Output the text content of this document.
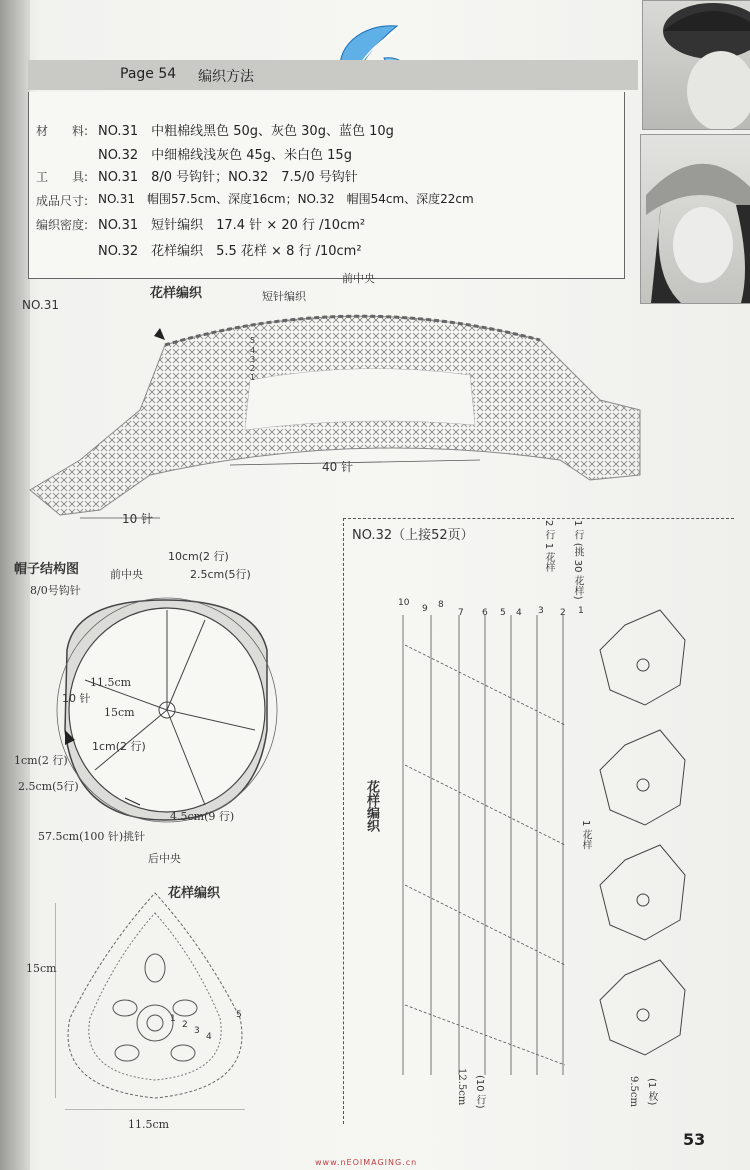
Page 54 编织方法
材　　料: NO.31　中粗棉线黑色 50g、灰色 30g、蓝色 10g
NO.32　中细棉线浅灰色 45g、米白色 15g
工　　具: NO.31　8/0 号钩针；NO.32　7.5/0 号钩针
成品尺寸: NO.31　帽围57.5cm、深度16cm；NO.32　帽围54cm、深度22cm
编织密度: NO.31　短针编织　17.4 针 × 20 行 /10cm²
NO.32　花样编织　5.5 花样 × 8 行 /10cm²
NO.31
花样编织	短针编织
前中央
40 针
10 针
5
4
3
2
1
帽子结构图
8/0号钩针
前中央
10cm(2 行)
2.5cm(5行)
11.5cm
10 针
15cm
1cm(2 行)
1cm(2 行)
2.5cm(5行)
4.5cm(9 行)
57.5cm(100 针)挑针
后中央
花样编织
15cm
11.5cm
1
2
3
4
5
NO.32（上接52页）
花样编织
10
9 8
7 6 5 4 3 2 1
2 行 1 花样 1 行 (挑 30 花样)
1 花样
12.5cm (10 行)	9.5cm (1 枚)
53
www.nEOIMAGING.cn
